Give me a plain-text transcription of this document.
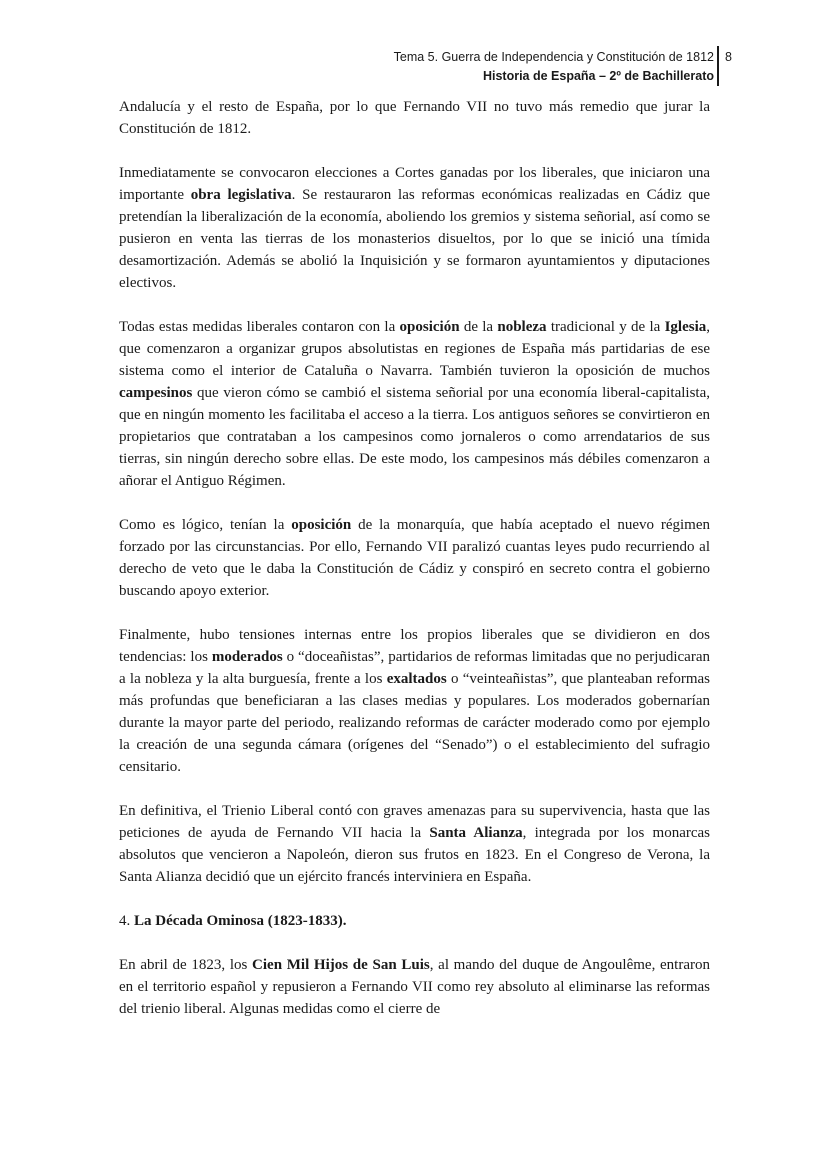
Tema 5. Guerra de Independencia y Constitución de 1812
Historia de España – 2º de Bachillerato
8

Andalucía y el resto de España, por lo que Fernando VII no tuvo más remedio que jurar la Constitución de 1812.

Inmediatamente se convocaron elecciones a Cortes ganadas por los liberales, que iniciaron una importante obra legislativa. Se restauraron las reformas económicas realizadas en Cádiz que pretendían la liberalización de la economía, aboliendo los gremios y sistema señorial, así como se pusieron en venta las tierras de los monasterios disueltos, por lo que se inició una tímida desamortización. Además se abolió la Inquisición y se formaron ayuntamientos y diputaciones electivos.

Todas estas medidas liberales contaron con la oposición de la nobleza tradicional y de la Iglesia, que comenzaron a organizar grupos absolutistas en regiones de España más partidarias de ese sistema como el interior de Cataluña o Navarra. También tuvieron la oposición de muchos campesinos que vieron cómo se cambió el sistema señorial por una economía liberal-capitalista, que en ningún momento les facilitaba el acceso a la tierra. Los antiguos señores se convirtieron en propietarios que contrataban a los campesinos como jornaleros o como arrendatarios de sus tierras, sin ningún derecho sobre ellas. De este modo, los campesinos más débiles comenzaron a añorar el Antiguo Régimen.

Como es lógico, tenían la oposición de la monarquía, que había aceptado el nuevo régimen forzado por las circunstancias. Por ello, Fernando VII paralizó cuantas leyes pudo recurriendo al derecho de veto que le daba la Constitución de Cádiz y conspiró en secreto contra el gobierno buscando apoyo exterior.

Finalmente, hubo tensiones internas entre los propios liberales que se dividieron en dos tendencias: los moderados o “doceañistas”, partidarios de reformas limitadas que no perjudicaran a la nobleza y la alta burguesía, frente a los exaltados o “veinteañistas”, que planteaban reformas más profundas que beneficiaran a las clases medias y populares. Los moderados gobernarían durante la mayor parte del periodo, realizando reformas de carácter moderado como por ejemplo la creación de una segunda cámara (orígenes del “Senado”) o el establecimiento del sufragio censitario.

En definitiva, el Trienio Liberal contó con graves amenazas para su supervivencia, hasta que las peticiones de ayuda de Fernando VII hacia la Santa Alianza, integrada por los monarcas absolutos que vencieron a Napoleón, dieron sus frutos en 1823. En el Congreso de Verona, la Santa Alianza decidió que un ejército francés interviniera en España.

4. La Década Ominosa (1823-1833).

En abril de 1823, los Cien Mil Hijos de San Luis, al mando del duque de Angoulême, entraron en el territorio español y repusieron a Fernando VII como rey absoluto al eliminarse las reformas del trienio liberal. Algunas medidas como el cierre de
